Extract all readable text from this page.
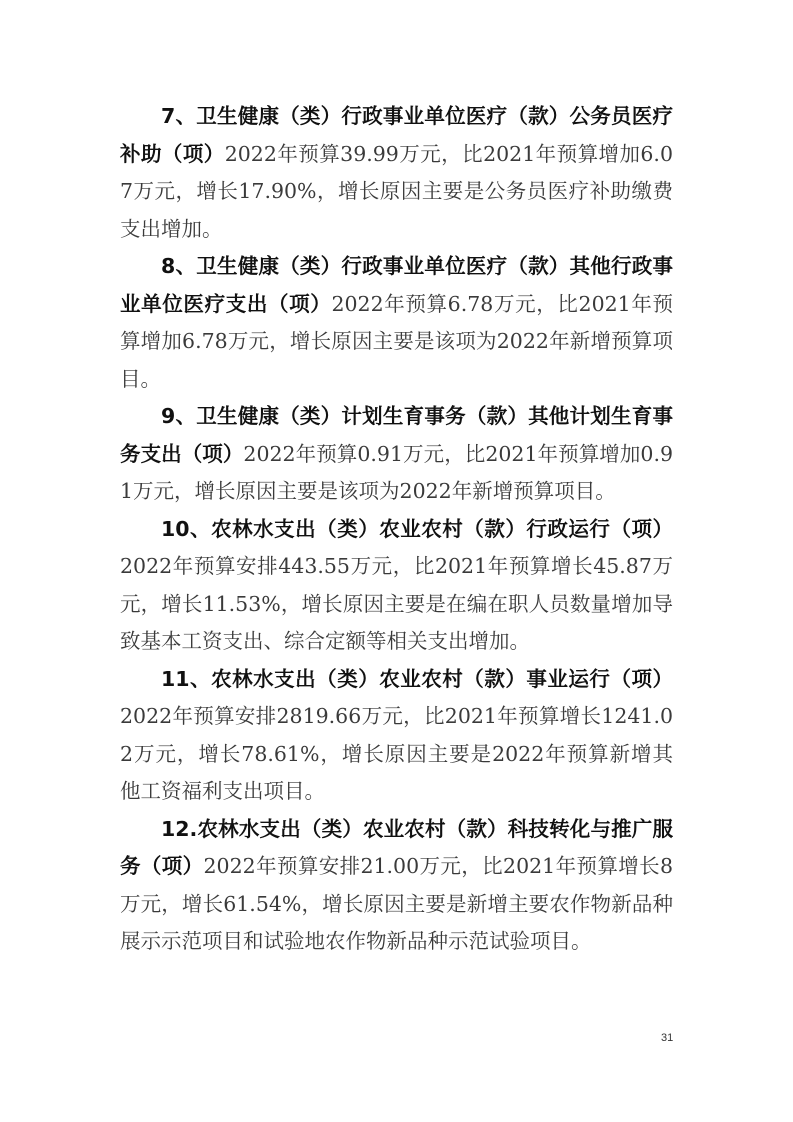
7、卫生健康（类）行政事业单位医疗（款）公务员医疗补助（项）2022年预算39.99万元，比2021年预算增加6.07万元，增长17.90%，增长原因主要是公务员医疗补助缴费支出增加。

8、卫生健康（类）行政事业单位医疗（款）其他行政事业单位医疗支出（项）2022年预算6.78万元，比2021年预算增加6.78万元，增长原因主要是该项为2022年新增预算项目。

9、卫生健康（类）计划生育事务（款）其他计划生育事务支出（项）2022年预算0.91万元，比2021年预算增加0.91万元，增长原因主要是该项为2022年新增预算项目。

10、农林水支出（类）农业农村（款）行政运行（项）2022年预算安排443.55万元，比2021年预算增长45.87万元，增长11.53%，增长原因主要是在编在职人员数量增加导致基本工资支出、综合定额等相关支出增加。

11、农林水支出（类）农业农村（款）事业运行（项）2022年预算安排2819.66万元，比2021年预算增长1241.02万元，增长78.61%，增长原因主要是2022年预算新增其他工资福利支出项目。

12.农林水支出（类）农业农村（款）科技转化与推广服务（项）2022年预算安排21.00万元，比2021年预算增长8万元，增长61.54%，增长原因主要是新增主要农作物新品种展示示范项目和试验地农作物新品种示范试验项目。

31
